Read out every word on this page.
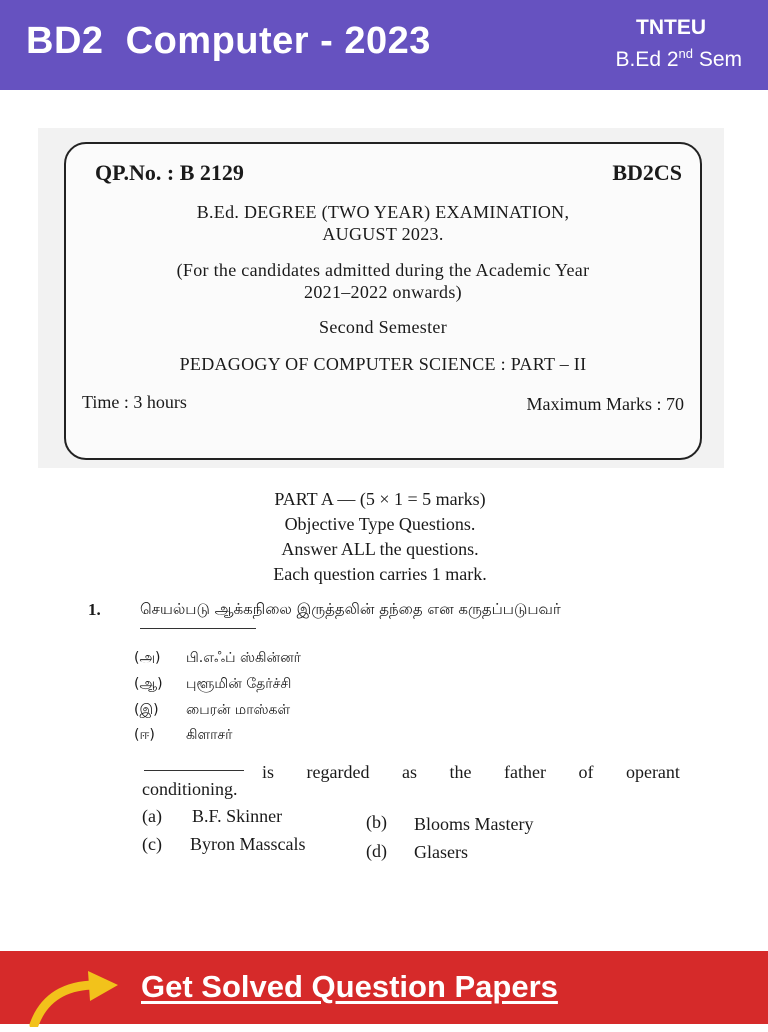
BD2  Computer - 2023	TNTEU
B.Ed 2nd Sem
QP.No. : B 2129	BD2CS
B.Ed. DEGREE (TWO YEAR) EXAMINATION,
AUGUST 2023.
(For the candidates admitted during the Academic Year
2021–2022 onwards)
Second Semester
PEDAGOGY OF COMPUTER SCIENCE : PART – II
Time : 3 hours	Maximum Marks : 70
PART A — (5 × 1 = 5 marks)
Objective Type Questions.
Answer ALL the questions.
Each question carries 1 mark.
1.	செயல்படு ஆக்கநிலை இருத்தலின் தந்தை என கருதப்படுபவர்
(அ) பி.எஃப் ஸ்கின்னர்
(ஆ) புளூமின் தேர்ச்சி
(இ) பைரன் மாஸ்கள்
(ஈ) கிளாசர்
is regarded as the father of operant
conditioning.
(a) B.F. Skinner	(b) Blooms Mastery
(c) Byron Masscals	(d) Glasers
Get Solved Question Papers
